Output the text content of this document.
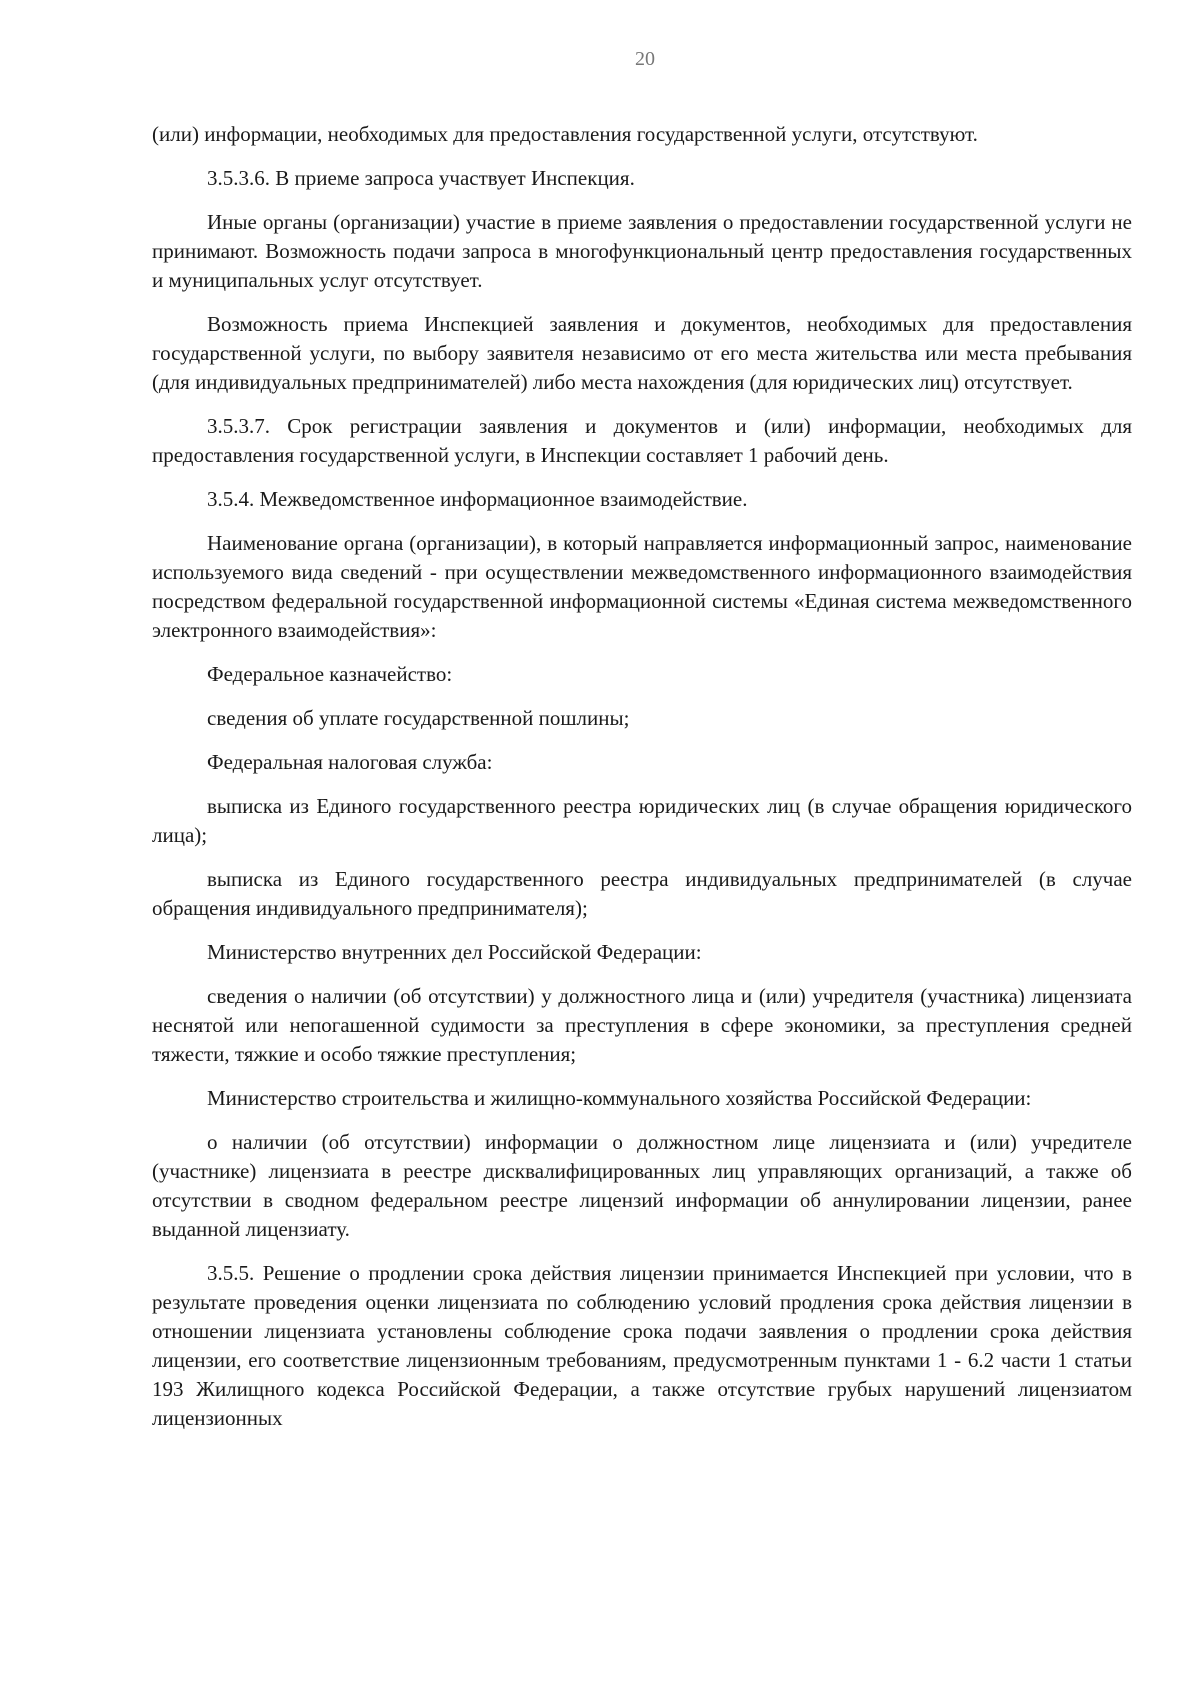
20

(или) информации, необходимых для предоставления государственной услуги, отсутствуют.

3.5.3.6. В приеме запроса участвует Инспекция.

Иные органы (организации) участие в приеме заявления о предоставлении государственной услуги не принимают. Возможность подачи запроса в многофункциональный центр предоставления государственных и муниципальных услуг отсутствует.

Возможность приема Инспекцией заявления и документов, необходимых для предоставления государственной услуги, по выбору заявителя независимо от его места жительства или места пребывания (для индивидуальных предпринимателей) либо места нахождения (для юридических лиц) отсутствует.

3.5.3.7. Срок регистрации заявления и документов и (или) информации, необходимых для предоставления государственной услуги, в Инспекции составляет 1 рабочий день.

3.5.4. Межведомственное информационное взаимодействие.

Наименование органа (организации), в который направляется информационный запрос, наименование используемого вида сведений - при осуществлении межведомственного информационного взаимодействия посредством федеральной государственной информационной системы «Единая система межведомственного электронного взаимодействия»:

Федеральное казначейство:

сведения об уплате государственной пошлины;

Федеральная налоговая служба:

выписка из Единого государственного реестра юридических лиц (в случае обращения юридического лица);

выписка из Единого государственного реестра индивидуальных предпринимателей (в случае обращения индивидуального предпринимателя);

Министерство внутренних дел Российской Федерации:

сведения о наличии (об отсутствии) у должностного лица и (или) учредителя (участника) лицензиата неснятой или непогашенной судимости за преступления в сфере экономики, за преступления средней тяжести, тяжкие и особо тяжкие преступления;

Министерство строительства и жилищно-коммунального хозяйства Российской Федерации:

о наличии (об отсутствии) информации о должностном лице лицензиата и (или) учредителе (участнике) лицензиата в реестре дисквалифицированных лиц управляющих организаций, а также об отсутствии в сводном федеральном реестре лицензий информации об аннулировании лицензии, ранее выданной лицензиату.

3.5.5. Решение о продлении срока действия лицензии принимается Инспекцией при условии, что в результате проведения оценки лицензиата по соблюдению условий продления срока действия лицензии в отношении лицензиата установлены соблюдение срока подачи заявления о продлении срока действия лицензии, его соответствие лицензионным требованиям, предусмотренным пунктами 1 - 6.2 части 1 статьи 193 Жилищного кодекса Российской Федерации, а также отсутствие грубых нарушений лицензиатом лицензионных
